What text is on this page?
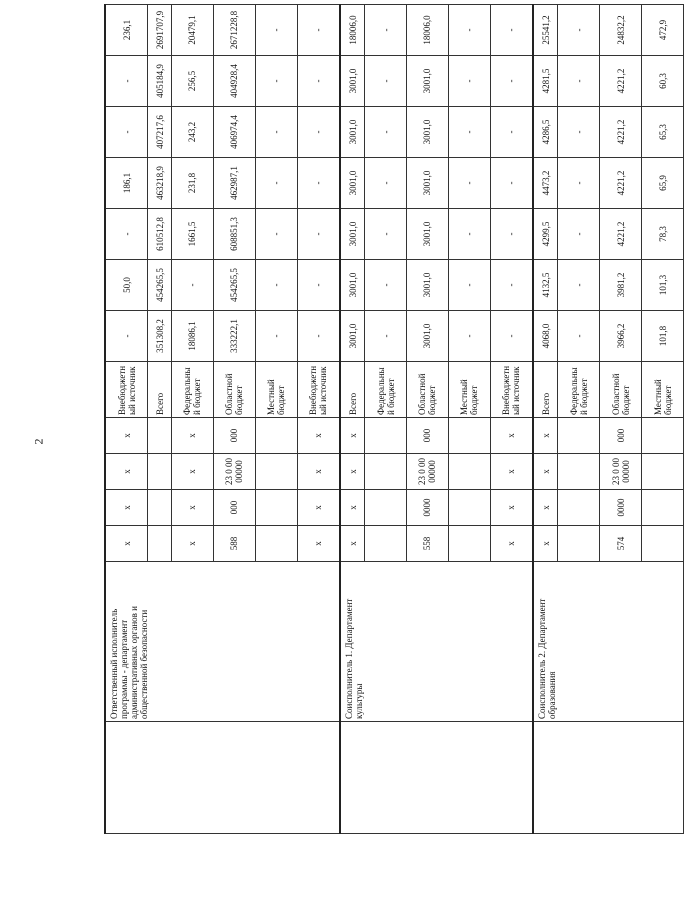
2
	Ответственный исполнитель программы - департамент административных органов и общественной безопасности	x	x	x	x	Внебюджетн ый источник	-	50,0	-	186,1	-	-	236,1
						Всего	351308,2	454265,5	610512,8	463218,9	407217,6	405184,9	2691707,9
		x	x	x	x	Федеральны й бюджет	18086,1	-	1661,5	231,8	243,2	256,5	20479,1
		588	000	23 0 00 00000	000	Областной бюджет	333222,1	454265,5	608851,3	462987,1	406974,4	404928,4	2671228,8
						Местный бюджет	-	-	-	-	-	-	-
		x	x	x	x	Внебюджетн ый источник	-	-	-	-	-	-	-
	Соисполнитель 1. Департамент культуры	x	x	x	x	Всего	3001,0	3001,0	3001,0	3001,0	3001,0	3001,0	18006,0
						Федеральны й бюджет	-	-	-	-	-	-	-
		558	0000	23 0 00 00000	000	Областной бюджет	3001,0	3001,0	3001,0	3001,0	3001,0	3001,0	18006,0
						Местный бюджет	-	-	-	-	-	-	-
		x	x	x	x	Внебюджетн ый источник	-	-	-	-	-	-	-
	Соисполнитель 2. Департамент образования	x	x	x	x	Всего	4068,0	4132,5	4299,5	4473,2	4286,5	4281,5	25541,2
						Федеральны й бюджет	-	-	-	-	-	-	-
		574	0000	23 0 00 00000	000	Областной бюджет	3966,2	3981,2	4221,2	4221,2	4221,2	4221,2	24832,2
						Местный бюджет	101,8	101,3	78,3	65,9	65,3	60,3	472,9
